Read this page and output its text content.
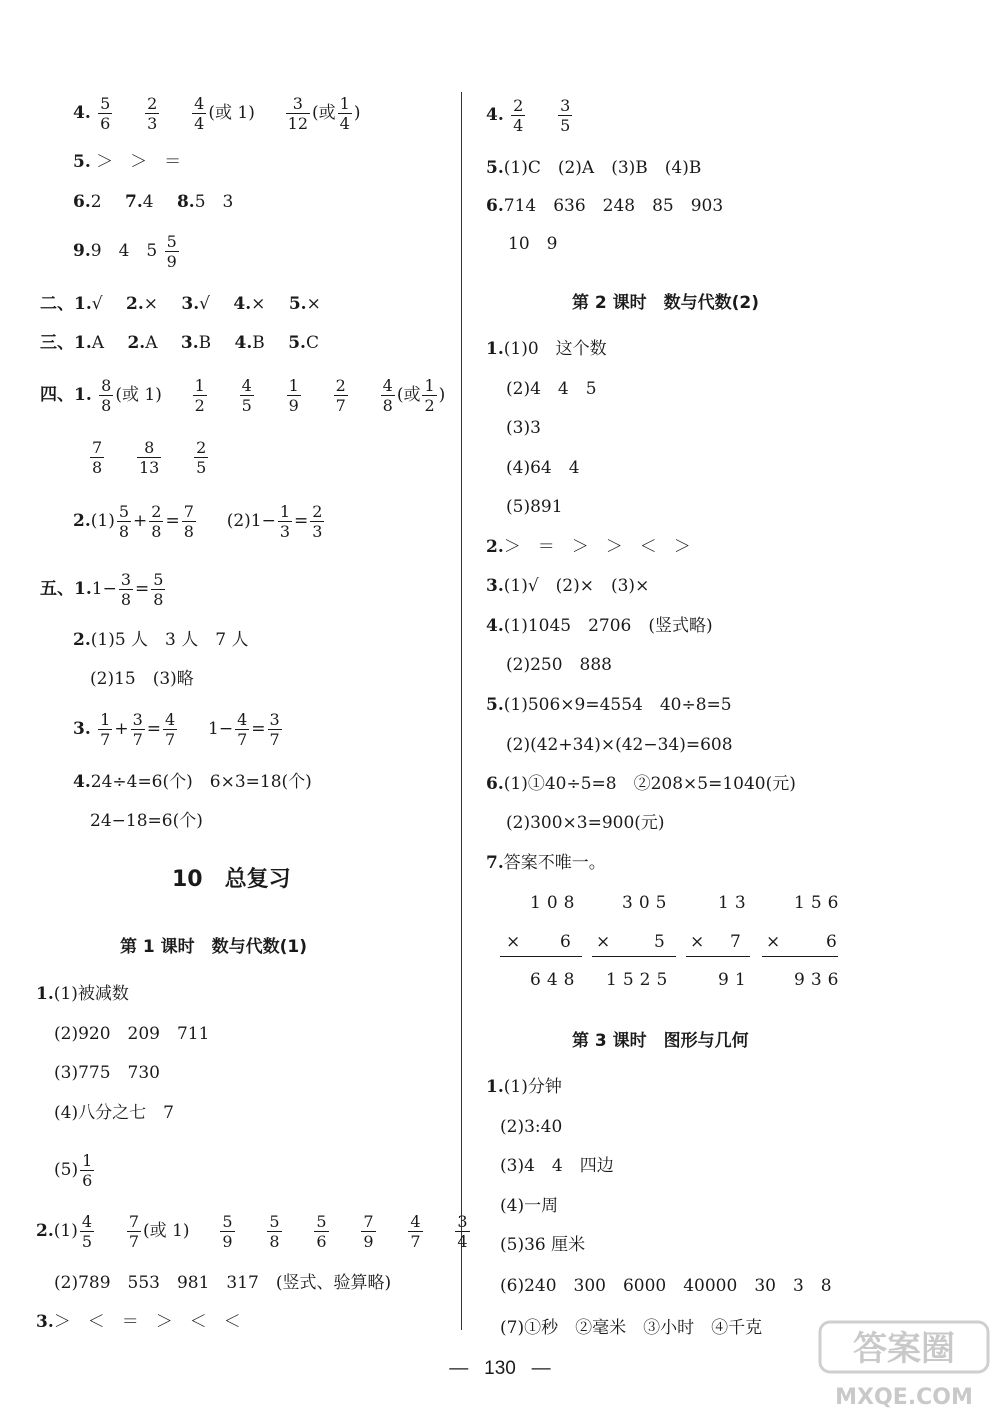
4. $\frac{5}{6}$
$\frac{2}{3}$
$\frac{4}{4}$ (或 $1) \frac{3}{12}$ (或 $\frac{1}{4}$ )
5. ＞　＞　＝
6.2 7.4 8.5　3
9.9　4　$5 \frac{5}{9}$
二、1.√ 2.× 3.√ 4.× 5.×
三、1.A 2.A 3.B 4.B 5.C
四、1. $\frac{8}{8}$ (或 $1) \frac{1}{2}$
$\frac{4}{5}$
$\frac{1}{9}$
$\frac{2}{7}$
$\frac{4}{8}$ (或 $\frac{1}{2}$ )
$\frac{7}{8}$
$\frac{8}{13}$
$\frac{2}{5}$
$2.(1) \frac{5}{8} + \frac{2}{8} = \frac{7}{8} (2)1- \frac{1}{3} = \frac{2}{3}$
五、$1.1- \frac{3}{8} = \frac{5}{8}$
2.(1)5 人　3 人　7 人
(2)15　(3)略
3. $\frac{1}{7} + \frac{3}{7} = \frac{4}{7} 1- \frac{4}{7} = \frac{3}{7}$
4.24÷4=6(个)　6×3=18(个)
24−18=6(个)
10　 总复习
第 1 课时　数与代数(1)
1.(1)被减数
(2)920　209　711
(3)775　730
(4)八分之七　7
$(5) \frac{1}{6}$
$2.(1) \frac{4}{5}$
$\frac{7}{7}$ (或 $1) \frac{5}{9}$
$\frac{5}{8}$
$\frac{5}{6}$
$\frac{7}{9}$
$\frac{4}{7}$
$\frac{3}{4}$
(2)789　553　981　317　(竖式、验算略)
3.＞　＜　＝　＞　＜　＜
4. $\frac{2}{4}$
$\frac{3}{5}$
5.(1)C　(2)A　(3)B　(4)B
6.714　636　248　85　903
10　9
第 2 课时　数与代数(2)
1.(1)0　这个数
(2)4　4　5
(3)3
(4)64　4
(5)891
2.＞　＝　＞　＞　＜　＞
3.(1)√　(2)×　(3)×
4.(1)1045　2706　(竖式略)
(2)250　888
5.(1)506×9=4554　40÷8=5
(2)(42+34)×(42−34)=608
6.(1)①40÷5=8　②208×5=1040(元)
(2)300×3=900(元)
7.答案不唯一。
108
× 6
648
305
× 5
1525
13
× 7
91
156
× 6
936
第 3 课时　图形与几何
1.(1)分钟
(2)3:40
(3)4　4　四边
(4)一周
(5)36 厘米
(6)240　300　6000　40000　30　3　8
(7)①秒　②毫米　③小时　④千克
—   130   —	答案圈
MXQE.COM
